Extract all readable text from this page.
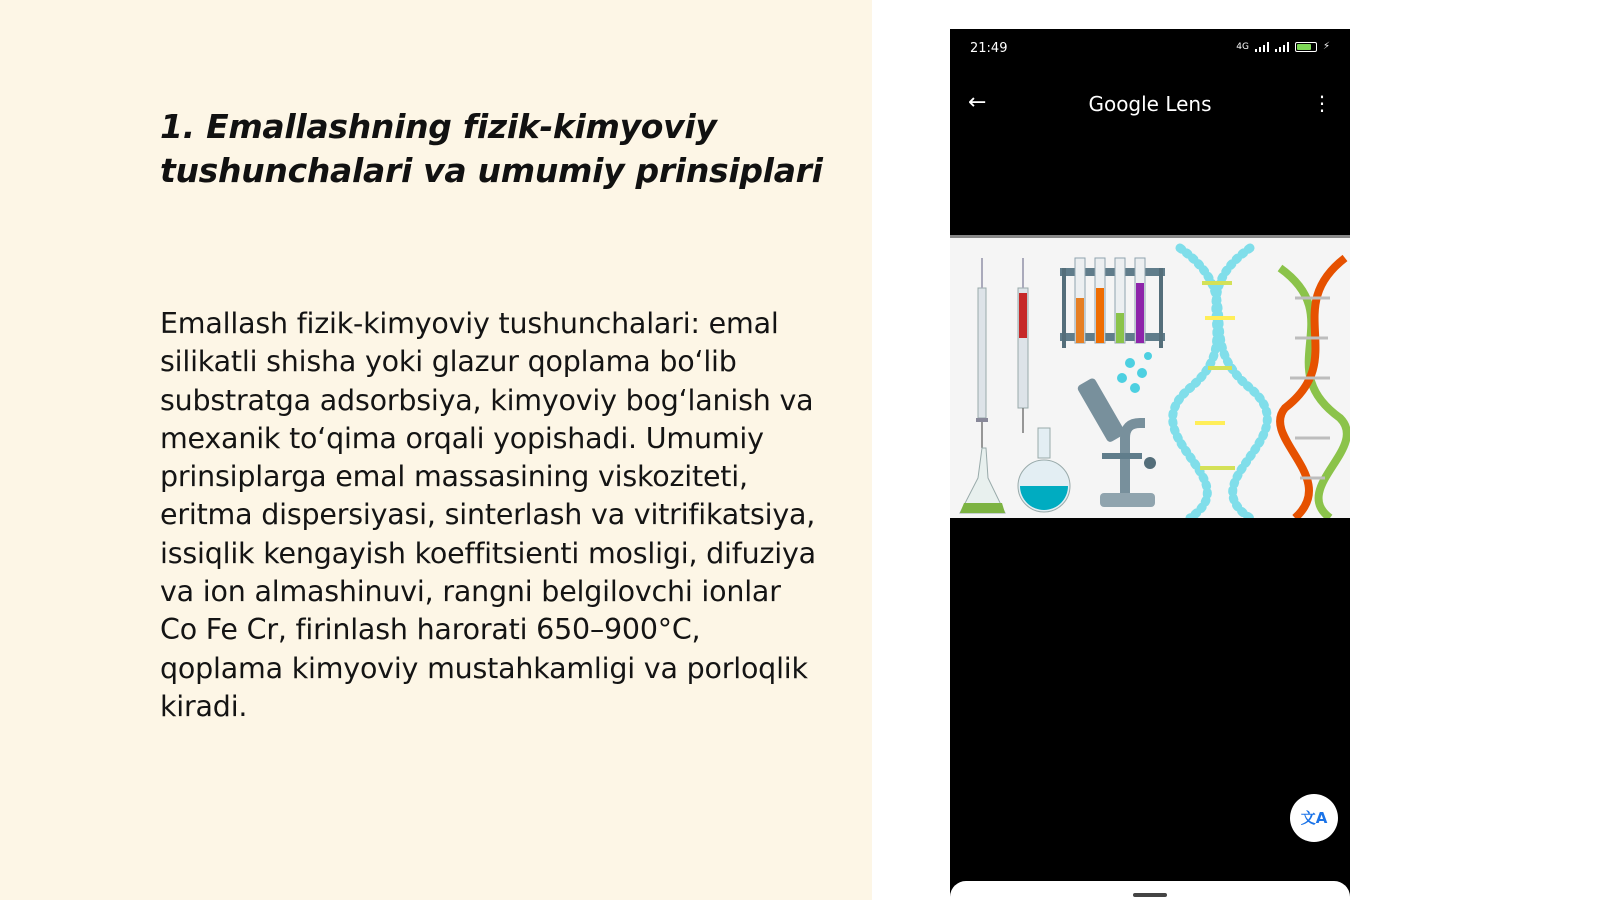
1. Emallashning fizik-kimyoviy tushunchalari va umumiy prinsiplari

Emallash fizik-kimyoviy tushunchalari: emal silikatli shisha yoki glazur qoplama bo‘lib substratga adsorbsiya, kimyoviy bog‘lanish va mexanik to‘qima orqali yopishadi. Umumiy prinsiplarga emal massasining viskoziteti, eritma dispersiyasi, sinterlash va vitrifikatsiya, issiqlik kengayish koeffitsienti mosligi, difuziya va ion almashinuvi, rangni belgilovchi ionlar Co Fe Cr, firinlash harorati 650–900°C, qoplama kimyoviy mustahkamligi va porloqlik kiradi.

21:49	4G	⚡
←	Google Lens	⋮
文A
